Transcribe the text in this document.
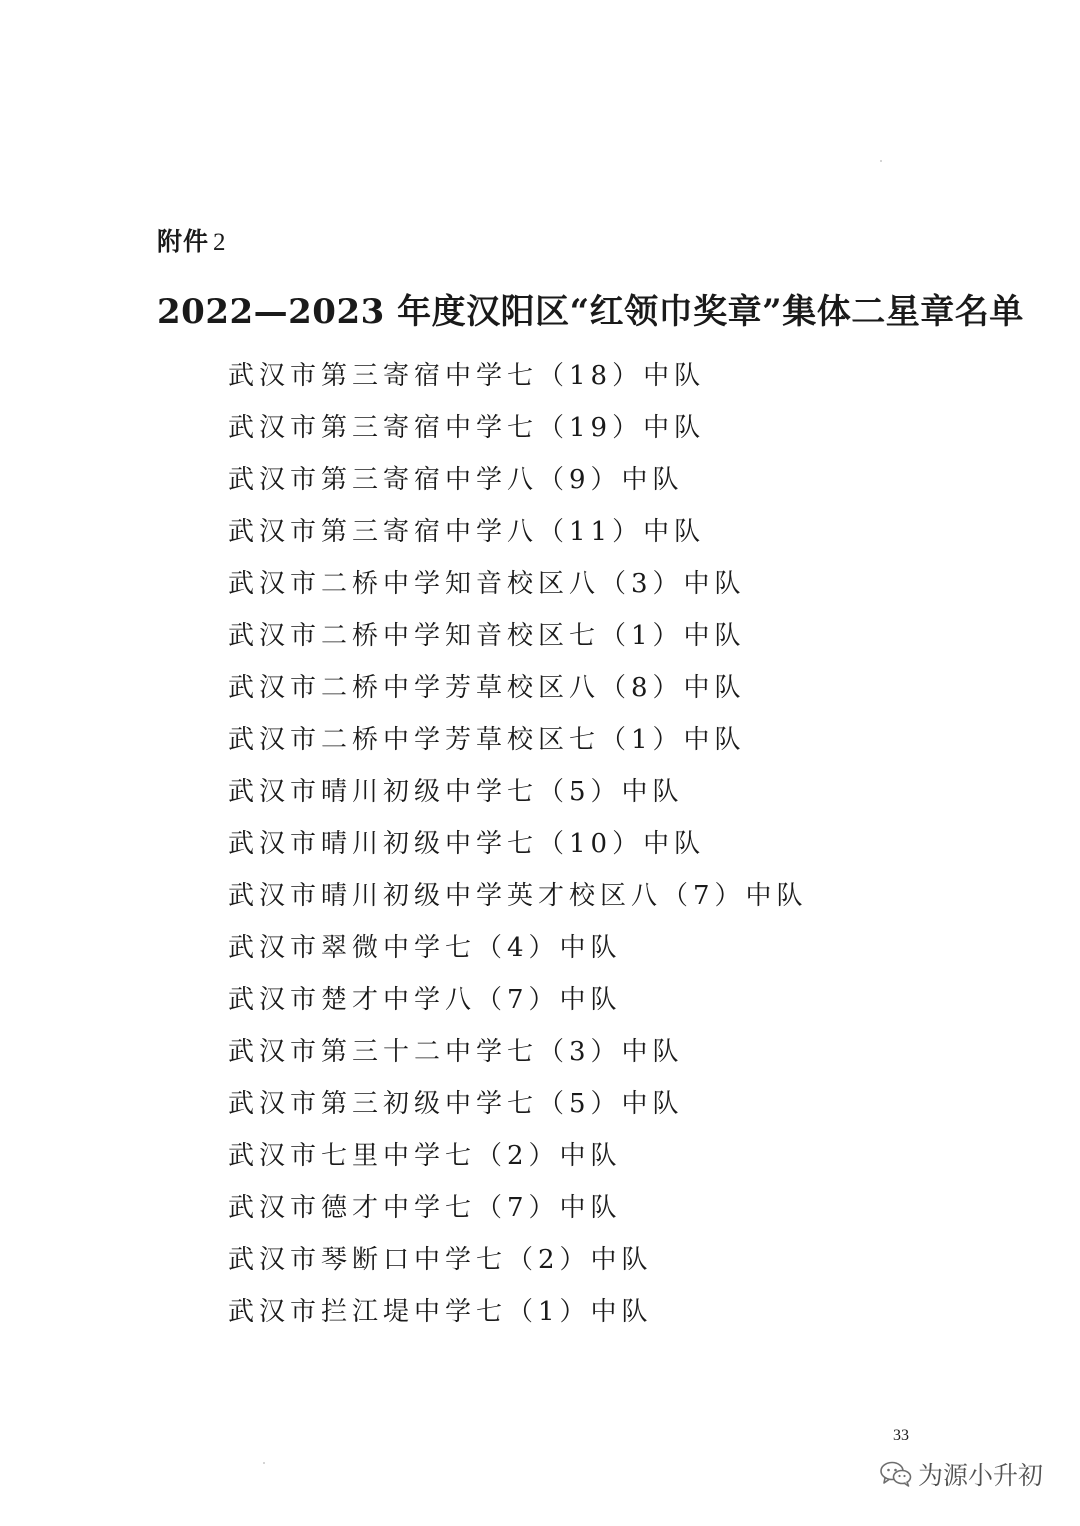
附件 2
2022—2023 年度汉阳区“红领巾奖章”集体二星章名单
武汉市第三寄宿中学七（18）中队
武汉市第三寄宿中学七（19）中队
武汉市第三寄宿中学八（9）中队
武汉市第三寄宿中学八（11）中队
武汉市二桥中学知音校区八（3）中队
武汉市二桥中学知音校区七（1）中队
武汉市二桥中学芳草校区八（8）中队
武汉市二桥中学芳草校区七（1）中队
武汉市晴川初级中学七（5）中队
武汉市晴川初级中学七（10）中队
武汉市晴川初级中学英才校区八（7）中队
武汉市翠微中学七（4）中队
武汉市楚才中学八（7）中队
武汉市第三十二中学七（3）中队
武汉市第三初级中学七（5）中队
武汉市七里中学七（2）中队
武汉市德才中学七（7）中队
武汉市琴断口中学七（2）中队
武汉市拦江堤中学七（1）中队
33
为源小升初
